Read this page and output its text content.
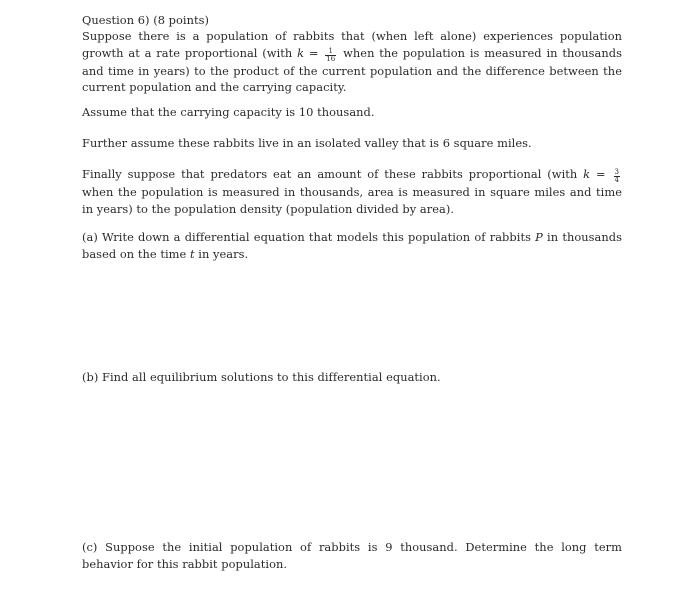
Question 6) (8 points)
Suppose there is a population of rabbits that (when left alone) experiences population growth at a rate proportional (with $k = \frac{1}{16}$ when the population is measured in thousands and time in years) to the product of the current population and the difference between the current population and the carrying capacity.
Assume that the carrying capacity is 10 thousand.
Further assume these rabbits live in an isolated valley that is 6 square miles.
Finally suppose that predators eat an amount of these rabbits proportional (with $k = \frac{3}{4}$
when the population is measured in thousands, area is measured in square miles and time in years) to the population density (population divided by area).
(a) Write down a differential equation that models this population of rabbits P in thousands based on the time t in years.
(b) Find all equilibrium solutions to this differential equation.
(c) Suppose the initial population of rabbits is 9 thousand. Determine the long term behavior for this rabbit population.
